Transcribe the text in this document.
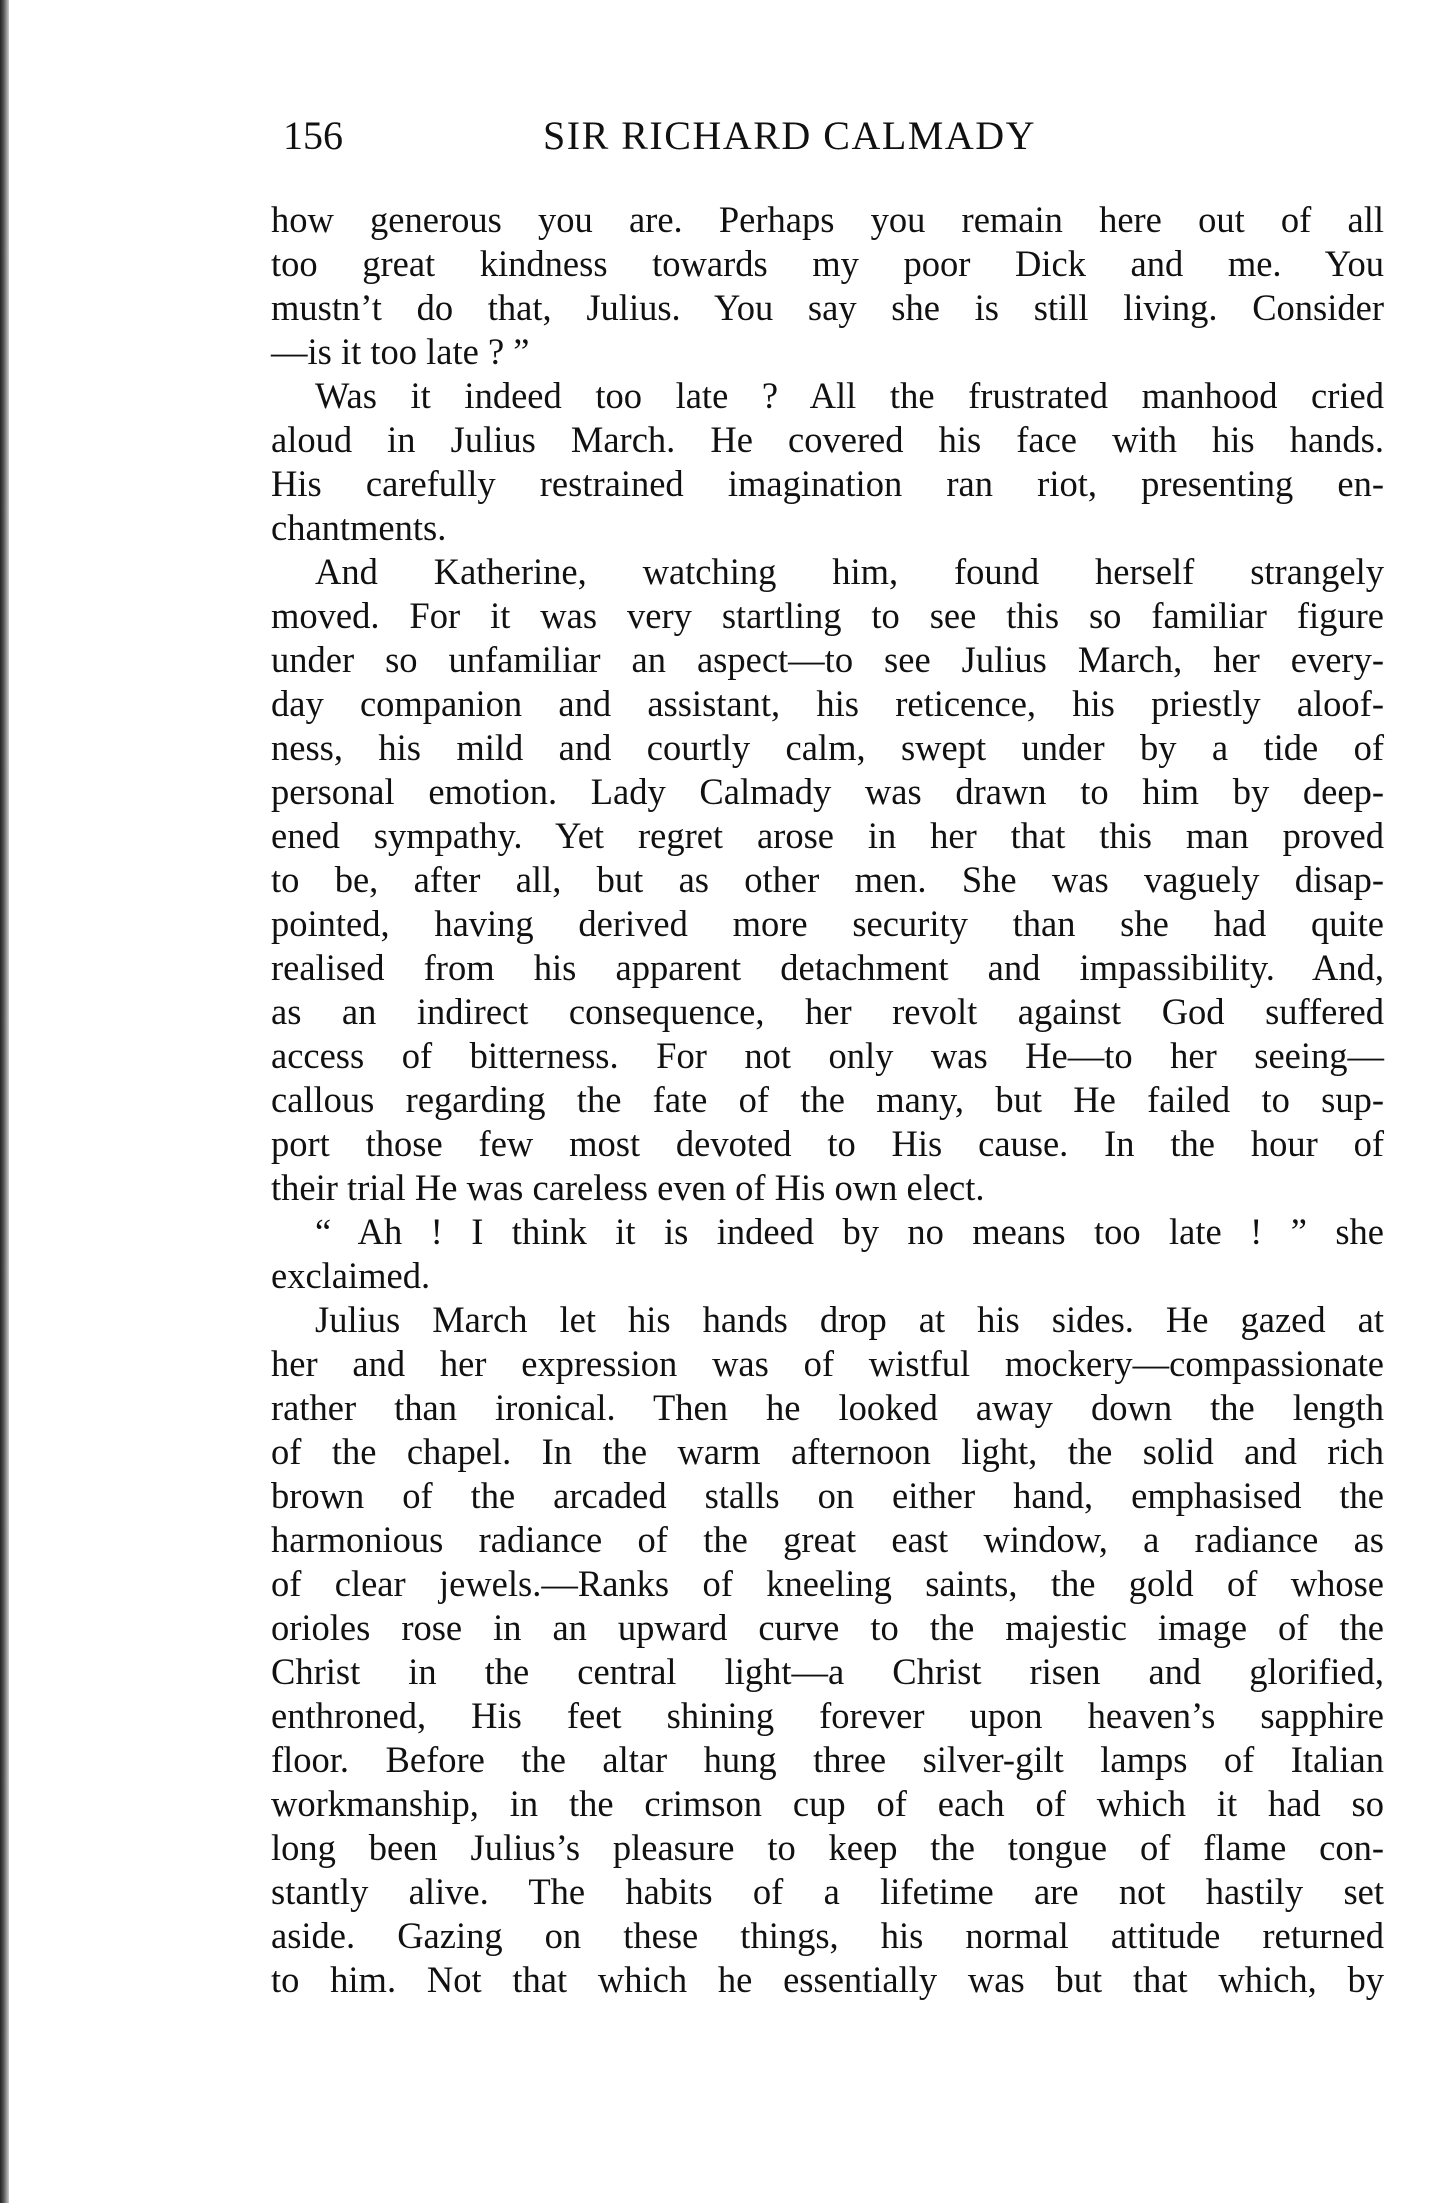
156	SIR RICHARD CALMADY
how generous you are. Perhaps you remain here out of all
too great kindness towards my poor Dick and me. You
mustn’t do that, Julius. You say she is still living. Consider
—is it too late ? ”
Was it indeed too late ? All the frustrated manhood cried
aloud in Julius March. He covered his face with his hands.
His carefully restrained imagination ran riot, presenting en-
chantments.
And Katherine, watching him, found herself strangely
moved. For it was very startling to see this so familiar figure
under so unfamiliar an aspect—to see Julius March, her every-
day companion and assistant, his reticence, his priestly aloof-
ness, his mild and courtly calm, swept under by a tide of
personal emotion. Lady Calmady was drawn to him by deep-
ened sympathy. Yet regret arose in her that this man proved
to be, after all, but as other men. She was vaguely disap-
pointed, having derived more security than she had quite
realised from his apparent detachment and impassibility. And,
as an indirect consequence, her revolt against God suffered
access of bitterness. For not only was He—to her seeing—
callous regarding the fate of the many, but He failed to sup-
port those few most devoted to His cause. In the hour of
their trial He was careless even of His own elect.
“ Ah ! I think it is indeed by no means too late ! ” she
exclaimed.
Julius March let his hands drop at his sides. He gazed at
her and her expression was of wistful mockery—compassionate
rather than ironical. Then he looked away down the length
of the chapel. In the warm afternoon light, the solid and rich
brown of the arcaded stalls on either hand, emphasised the
harmonious radiance of the great east window, a radiance as
of clear jewels.—Ranks of kneeling saints, the gold of whose
orioles rose in an upward curve to the majestic image of the
Christ in the central light—a Christ risen and glorified,
enthroned, His feet shining forever upon heaven’s sapphire
floor. Before the altar hung three silver-gilt lamps of Italian
workmanship, in the crimson cup of each of which it had so
long been Julius’s pleasure to keep the tongue of flame con-
stantly alive. The habits of a lifetime are not hastily set
aside. Gazing on these things, his normal attitude returned
to him. Not that which he essentially was but that which, by
